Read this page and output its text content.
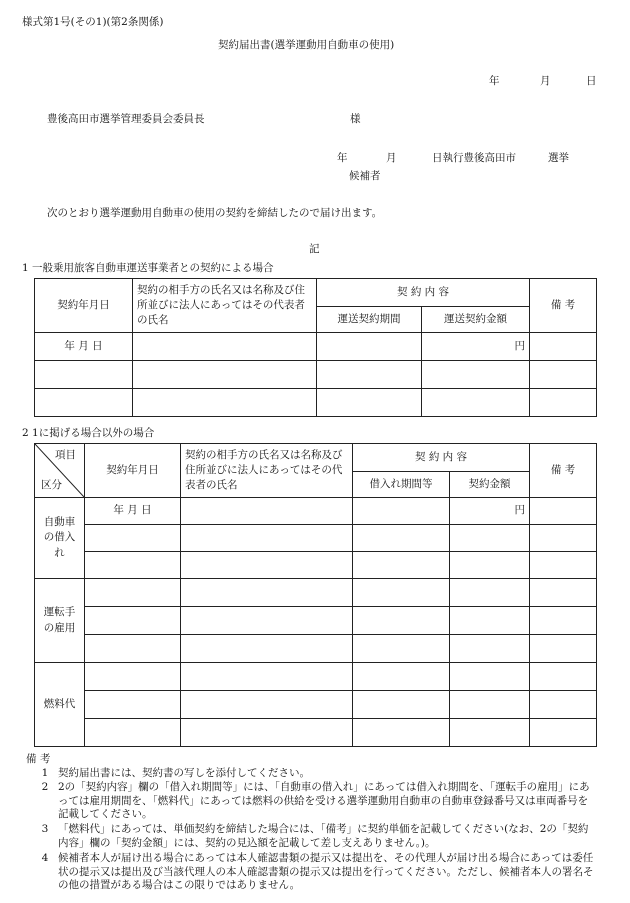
様式第1号(その1)(第2条関係)
契約届出書(選挙運動用自動車の使用)
年	月	日
豊後高田市選挙管理委員会委員長	様
年	月	日執行豊後高田市	選挙
候補者
次のとおり選挙運動用自動車の使用の契約を締結したので届け出ます。
記
1 一般乗用旅客自動車運送事業者との契約による場合
契約年月日	契約の相手方の氏名又は名称及び住所並びに法人にあってはその代表者の氏名	契 約 内 容		備 考
		運送契約期間	運送契約金額	
年 月 日			円	

2 1に掲げる場合以外の場合
項目
区分	契約年月日	契約の相手方の氏名又は名称及び住所並びに法人にあってはその代表者の氏名	契 約 内 容		備 考
			借入れ期間等	契約金額	
自動車の借入れ	年 月 日			円	

運転手の雇用					

燃料代					

備 考
1 契約届出書には、契約書の写しを添付してください。
2 2の「契約内容」欄の「借入れ期間等」には、「自動車の借入れ」にあっては借入れ期間を、「運転手の雇用」にあっては雇用期間を、「燃料代」にあっては燃料の供給を受ける選挙運動用自動車の自動車登録番号又は車両番号を記載してください。
3 「燃料代」にあっては、単価契約を締結した場合には、「備考」に契約単価を記載してください(なお、2の「契約内容」欄の「契約金額」には、契約の見込額を記載して差し支えありません。)。
4 候補者本人が届け出る場合にあっては本人確認書類の提示又は提出を、その代理人が届け出る場合にあっては委任状の提示又は提出及び当該代理人の本人確認書類の提示又は提出を行ってください。ただし、候補者本人の署名その他の措置がある場合はこの限りではありません。
